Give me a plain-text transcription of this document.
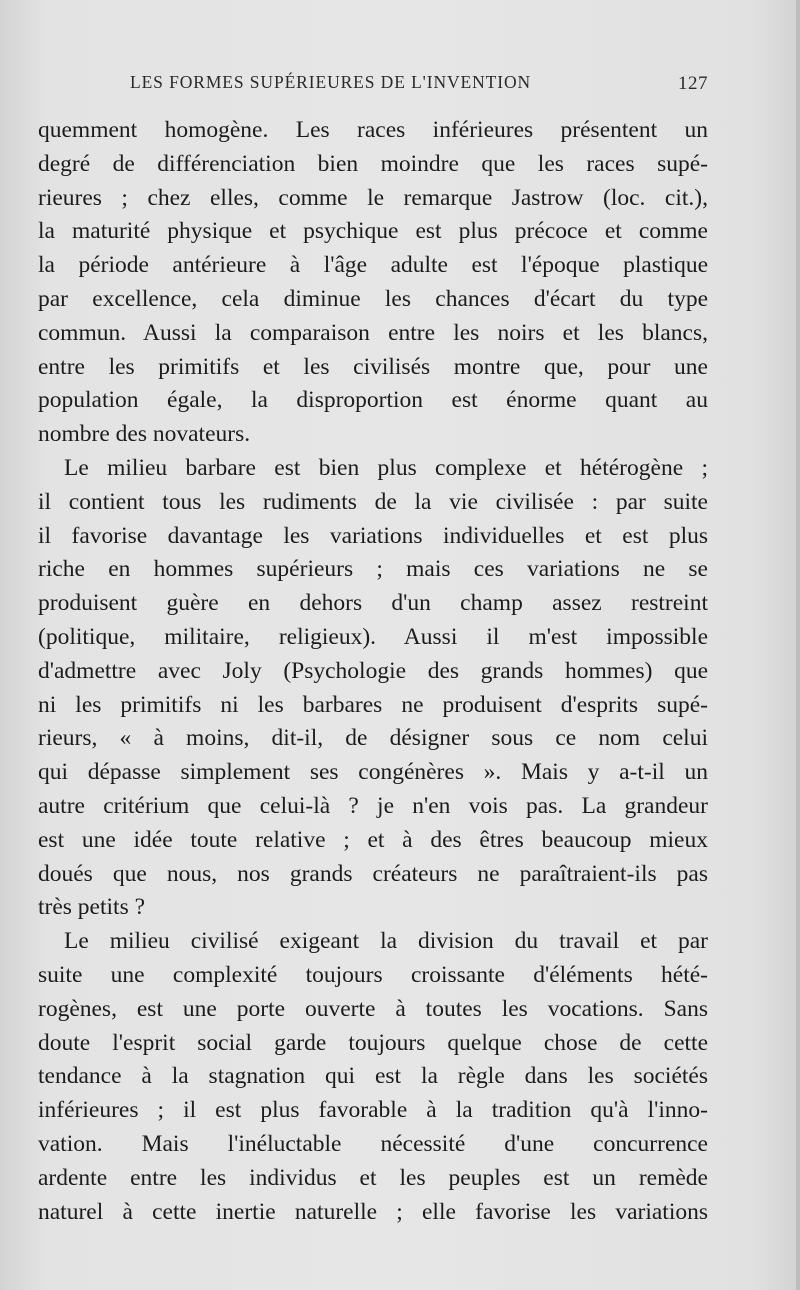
LES FORMES SUPÉRIEURES DE L'INVENTION	127
quemment homogène. Les races inférieures présentent un
degré de différenciation bien moindre que les races supé-
rieures ; chez elles, comme le remarque Jastrow (loc. cit.),
la maturité physique et psychique est plus précoce et comme
la période antérieure à l'âge adulte est l'époque plastique
par excellence, cela diminue les chances d'écart du type
commun. Aussi la comparaison entre les noirs et les blancs,
entre les primitifs et les civilisés montre que, pour une
population égale, la disproportion est énorme quant au
nombre des novateurs.
Le milieu barbare est bien plus complexe et hétérogène ;
il contient tous les rudiments de la vie civilisée : par suite
il favorise davantage les variations individuelles et est plus
riche en hommes supérieurs ; mais ces variations ne se
produisent guère en dehors d'un champ assez restreint
(politique, militaire, religieux). Aussi il m'est impossible
d'admettre avec Joly (Psychologie des grands hommes) que
ni les primitifs ni les barbares ne produisent d'esprits supé-
rieurs, « à moins, dit-il, de désigner sous ce nom celui
qui dépasse simplement ses congénères ». Mais y a-t-il un
autre critérium que celui-là ? je n'en vois pas. La grandeur
est une idée toute relative ; et à des êtres beaucoup mieux
doués que nous, nos grands créateurs ne paraîtraient-ils pas
très petits ?
Le milieu civilisé exigeant la division du travail et par
suite une complexité toujours croissante d'éléments hété-
rogènes, est une porte ouverte à toutes les vocations. Sans
doute l'esprit social garde toujours quelque chose de cette
tendance à la stagnation qui est la règle dans les sociétés
inférieures ; il est plus favorable à la tradition qu'à l'inno-
vation. Mais l'inéluctable nécessité d'une concurrence
ardente entre les individus et les peuples est un remède
naturel à cette inertie naturelle ; elle favorise les variations
